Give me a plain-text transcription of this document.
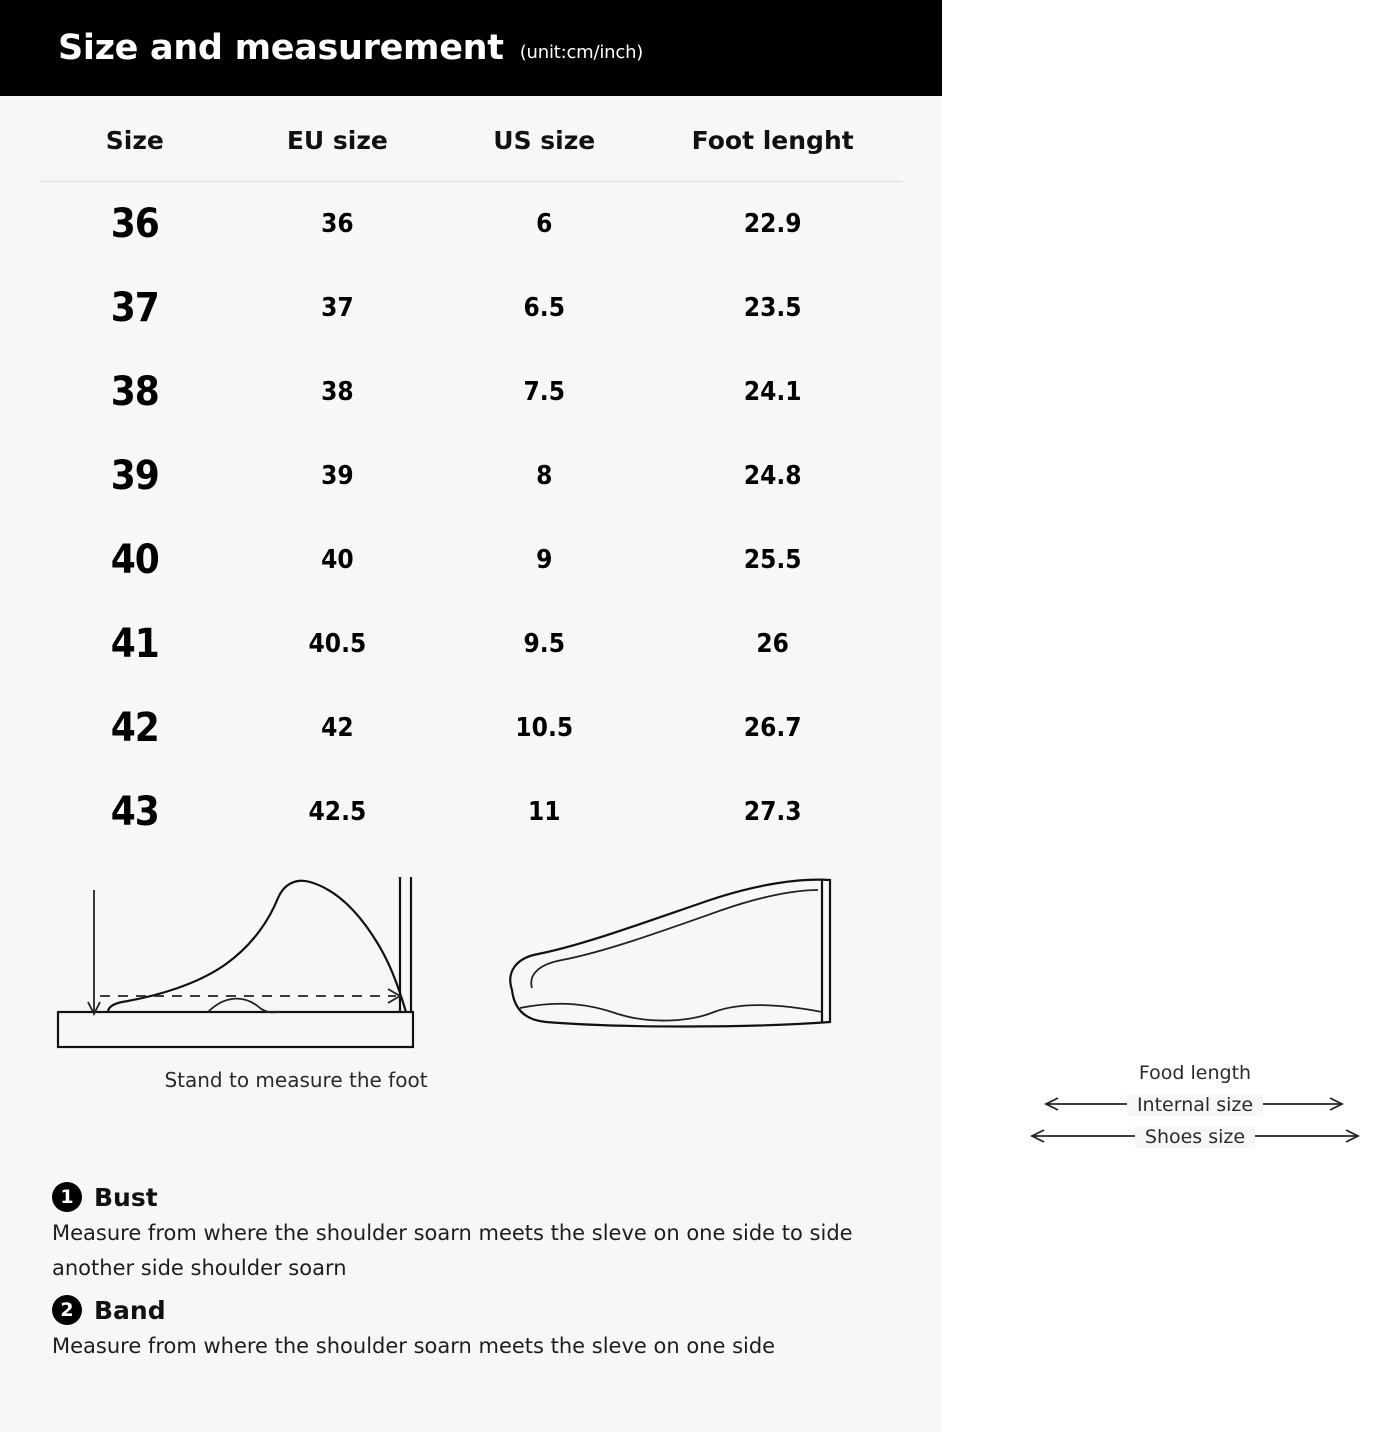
Size and measurement (unit:cm/inch)
Size	EU size	US size	Foot lenght
36	36	6	22.9
37	37	6.5	23.5
38	38	7.5	24.1
39	39	8	24.8
40	40	9	25.5
41	40.5	9.5	26
42	42	10.5	26.7
43	42.5	11	27.3
Stand to measure the foot	Food length
Internal size
Shoes size
1 Bust
Measure from where the shoulder soarn meets the sleve on one side to side another side shoulder soarn
2 Band
Measure from where the shoulder soarn meets the sleve on one side
